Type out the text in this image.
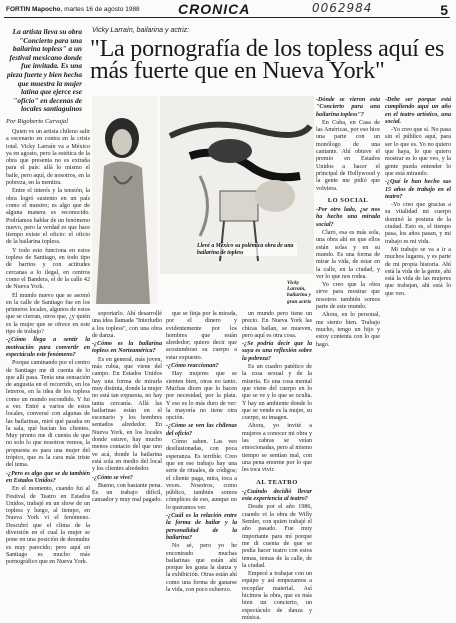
FORTIN Mapocho, martes 16 de agosto 1988	CRONICA	0062984	5
La artista lleva su obra "Concierto para una bailarina topless" a un festival mexicano donde fue invitada. Es una pieza fuerte y bien hecha que muestra la mujer latina que ejerce ese "oficio" en decenas de locales santiaguinos
Por Rigoberto Carvajal
Vicky Larraín, bailarina y actriz:
"La pornografía de los topless aquí es más fuerte que en Nueva York"
Llevé a México su polémica obra de una bailarina de topless
Vicky Larraín, bailarina y gran actriz

Quien ve un artista chileno salir a escenario en contra en la crisis total. Vicky Larraín va a México ya en agosto, pero la estética de la obra que presenta no es extraña para el país: allá lo mismo el baile, pero aquí, de nosotros, en la pobreza, en la mentira.

Entre el interés y la tensión, la obra logró sustento en un país como el nuestro; es algo que de alguna manera es reconocido. Podríamos hablar de un fenómeno nuevo, pero la verdad es que hace tiempo existe el oficio: el oficio de la bailarina topless.

Y todo esto funciona en estos topless de Santiago, en todo tipo de barrios y con actitudes cercanas a lo ilegal, en centros como el Bandera, el de la calle 42 de Nueva York.

El mundo nuevo que se asomó en la calle de Santiago fue en los primeros locales, algunos de estos que se cierran, otros que, ¿y quién es la mujer que se ofrece en este tipo de trabajo?

-¿Cómo llega a sentir la motivación para convertir en espectáculo este fenómeno?

Porque caminando por el centro de Santiago me di cuenta de lo que allí pasa. Tenía una sensación de angustia en el recorrido, en los letreros, en la idea de los topless como un mundo escondido. Y fui a ver. Entré a varios de estos locales, conversé con algunas de las bailarinas, miré qué pasaba en la sala, qué hacían los clientes. Muy pronto me di cuenta de que no solo lo que nosotros vemos, la propuesta es para una mujer del trópico, que es la cara más triste del tema.

-¿Pero es algo que se da también en Estados Unidos?

En el momento, cuando fui al Festival de Teatro en Estados Unidos, trabajé en un show de un topless y luego, al tiempo, en Nueva York vi el fenómeno. Descubrí que el clima de la diversión en el cual la mujer se pone en una posición de desnudez es muy parecido; pero aquí en Santiago es mucho más pornográfico que en Nueva York.

soportarlo. Ahí desarrollé una idea llamada "Interludio a los topless", con una obra de danza.

-¿Cómo es la bailarina topless en Norteamérica?

Es en general, más joven, más rubia, que viene del campo. En Estados Unidos hay una forma de mirarla muy distinta, donde la mujer no está tan expuesta, no hay tanta cercanía. Allá las bailarinas están en el escenario y los hombres sentados alrededor. En Nueva York, en los locales donde estuve, hay mucho menos contacto del que uno ve acá, donde la bailarina está sola en medio del local y los clientes alrededor.

-¿Cómo se vive?

Bueno, con bastante pena. Es un trabajo difícil, cansador y muy mal pagado.

que se finja por la mirada, por el dinero y evidentemente por los hombres que están alrededor; quiero decir que acostumbran su cuerpo a estar expuesto.

-¿Cómo reaccionan?

Hay mujeres que se sienten bien, otras no tanto. Muchas dicen que lo hacen por necesidad, por la plata. Y eso es lo más duro de ver: la mayoría no tiene otra opción.

-¿Cómo se ven las chilenas del oficio?

Cómo saben. Las veo desilusionadas, con poca esperanza. Es terrible. Creo que en ese trabajo hay una serie de rituales, de códigos; el cliente paga, mira, toca a veces. Nosotros, como público, también somos cómplices de eso, aunque no lo queramos ver.

-¿Cuál es la relación entre la forma de bailar y la personalidad de la bailarina?

No sé, pero yo he encontrado muchas bailarinas que están ahí porque les gusta la danza y la exhibición. Otras están ahí como una forma de ganarse la vida, con poco esfuerzo.

un mundo pero tiene un precio. En Nueva York las chicas bailan, se mueven, pero aquí es otra cosa.

-¿Se podría decir que la suya es una reflexión sobre la pobreza?

Es un cuadro patético de la cosa sexual y de la miseria. Es una cosa mental que viene del cuerpo en lo que se ve y lo que se oculta. Y hay un ambiente donde lo que se vende es la mujer, su cuerpo, su imagen.

Ahora, yo invité a mujeres a conocer mi obra y las cabras se veían emocionadas, pero al mismo tiempo se sentían mal, con una pena enorme por lo que les toca vivir.

AL TEATRO

-¿Cuándo decidió llevar esta experiencia al teatro?

Desde por el año 1986, cuando vi la obra de Willy Semler, con quien trabajé el año pasado. Fue muy importante para mí porque me di cuenta de que se podía hacer teatro con estos temas, temas de la calle, de la ciudad.

Empecé a trabajar con un equipo y así empezamos a recopilar material. Así hicimos la obra, que es más bien un concierto, un espectáculo de danza y música.

-Dónde se vieron esta "Concierto para una bailarina topless"?

En Cuba, en Casa de las Américas, por eso hice una parte con un monólogo de una cantante. Ahí obtuve el premio en Estados Unidos a hacer el principal de Hollywood y la gente me pidió que volviera.

LO SOCIAL

-Por otro lado, ¿se nos ha hecho una mirada social?

Claro, esa es más sola, una obra ahí en que ellos están solas y en su mundo. Es una forma de mirar la vida, de estar en la calle, en la ciudad, y ver lo que nos rodea.

Yo creo que la obra sirve para mostrar que nosotros también somos parte de este mundo.

Ahora, en lo personal, me siento bien. Trabajo mucho, tengo un hijo y estoy contenta con lo que hago.

-Debe ser porque está cumpliendo aquí un año en el teatro artístico, una social.

-Yo creo que sí. No pasa sin el público aquí, para ser lo que es. Yo no quiero que haya, lo que quiero mostrar es lo que veo, y la gente pueda entender lo que está mirando.

-¿Qué le han hecho sus 15 años de trabajo en el teatro?

-Yo creo que gracias a su vitalidad mi cuerpo dominó la postura de la ciudad. Esto es, el tiempo pasa, los años pasan, y mi trabajo es mi vida.

Mi trabajo se va a ir a muchos lugares, y es parte de mi propia historia. Ahí está la vida de la gente, ahí está la vida de las mujeres que trabajan, ahí está lo que veo.
